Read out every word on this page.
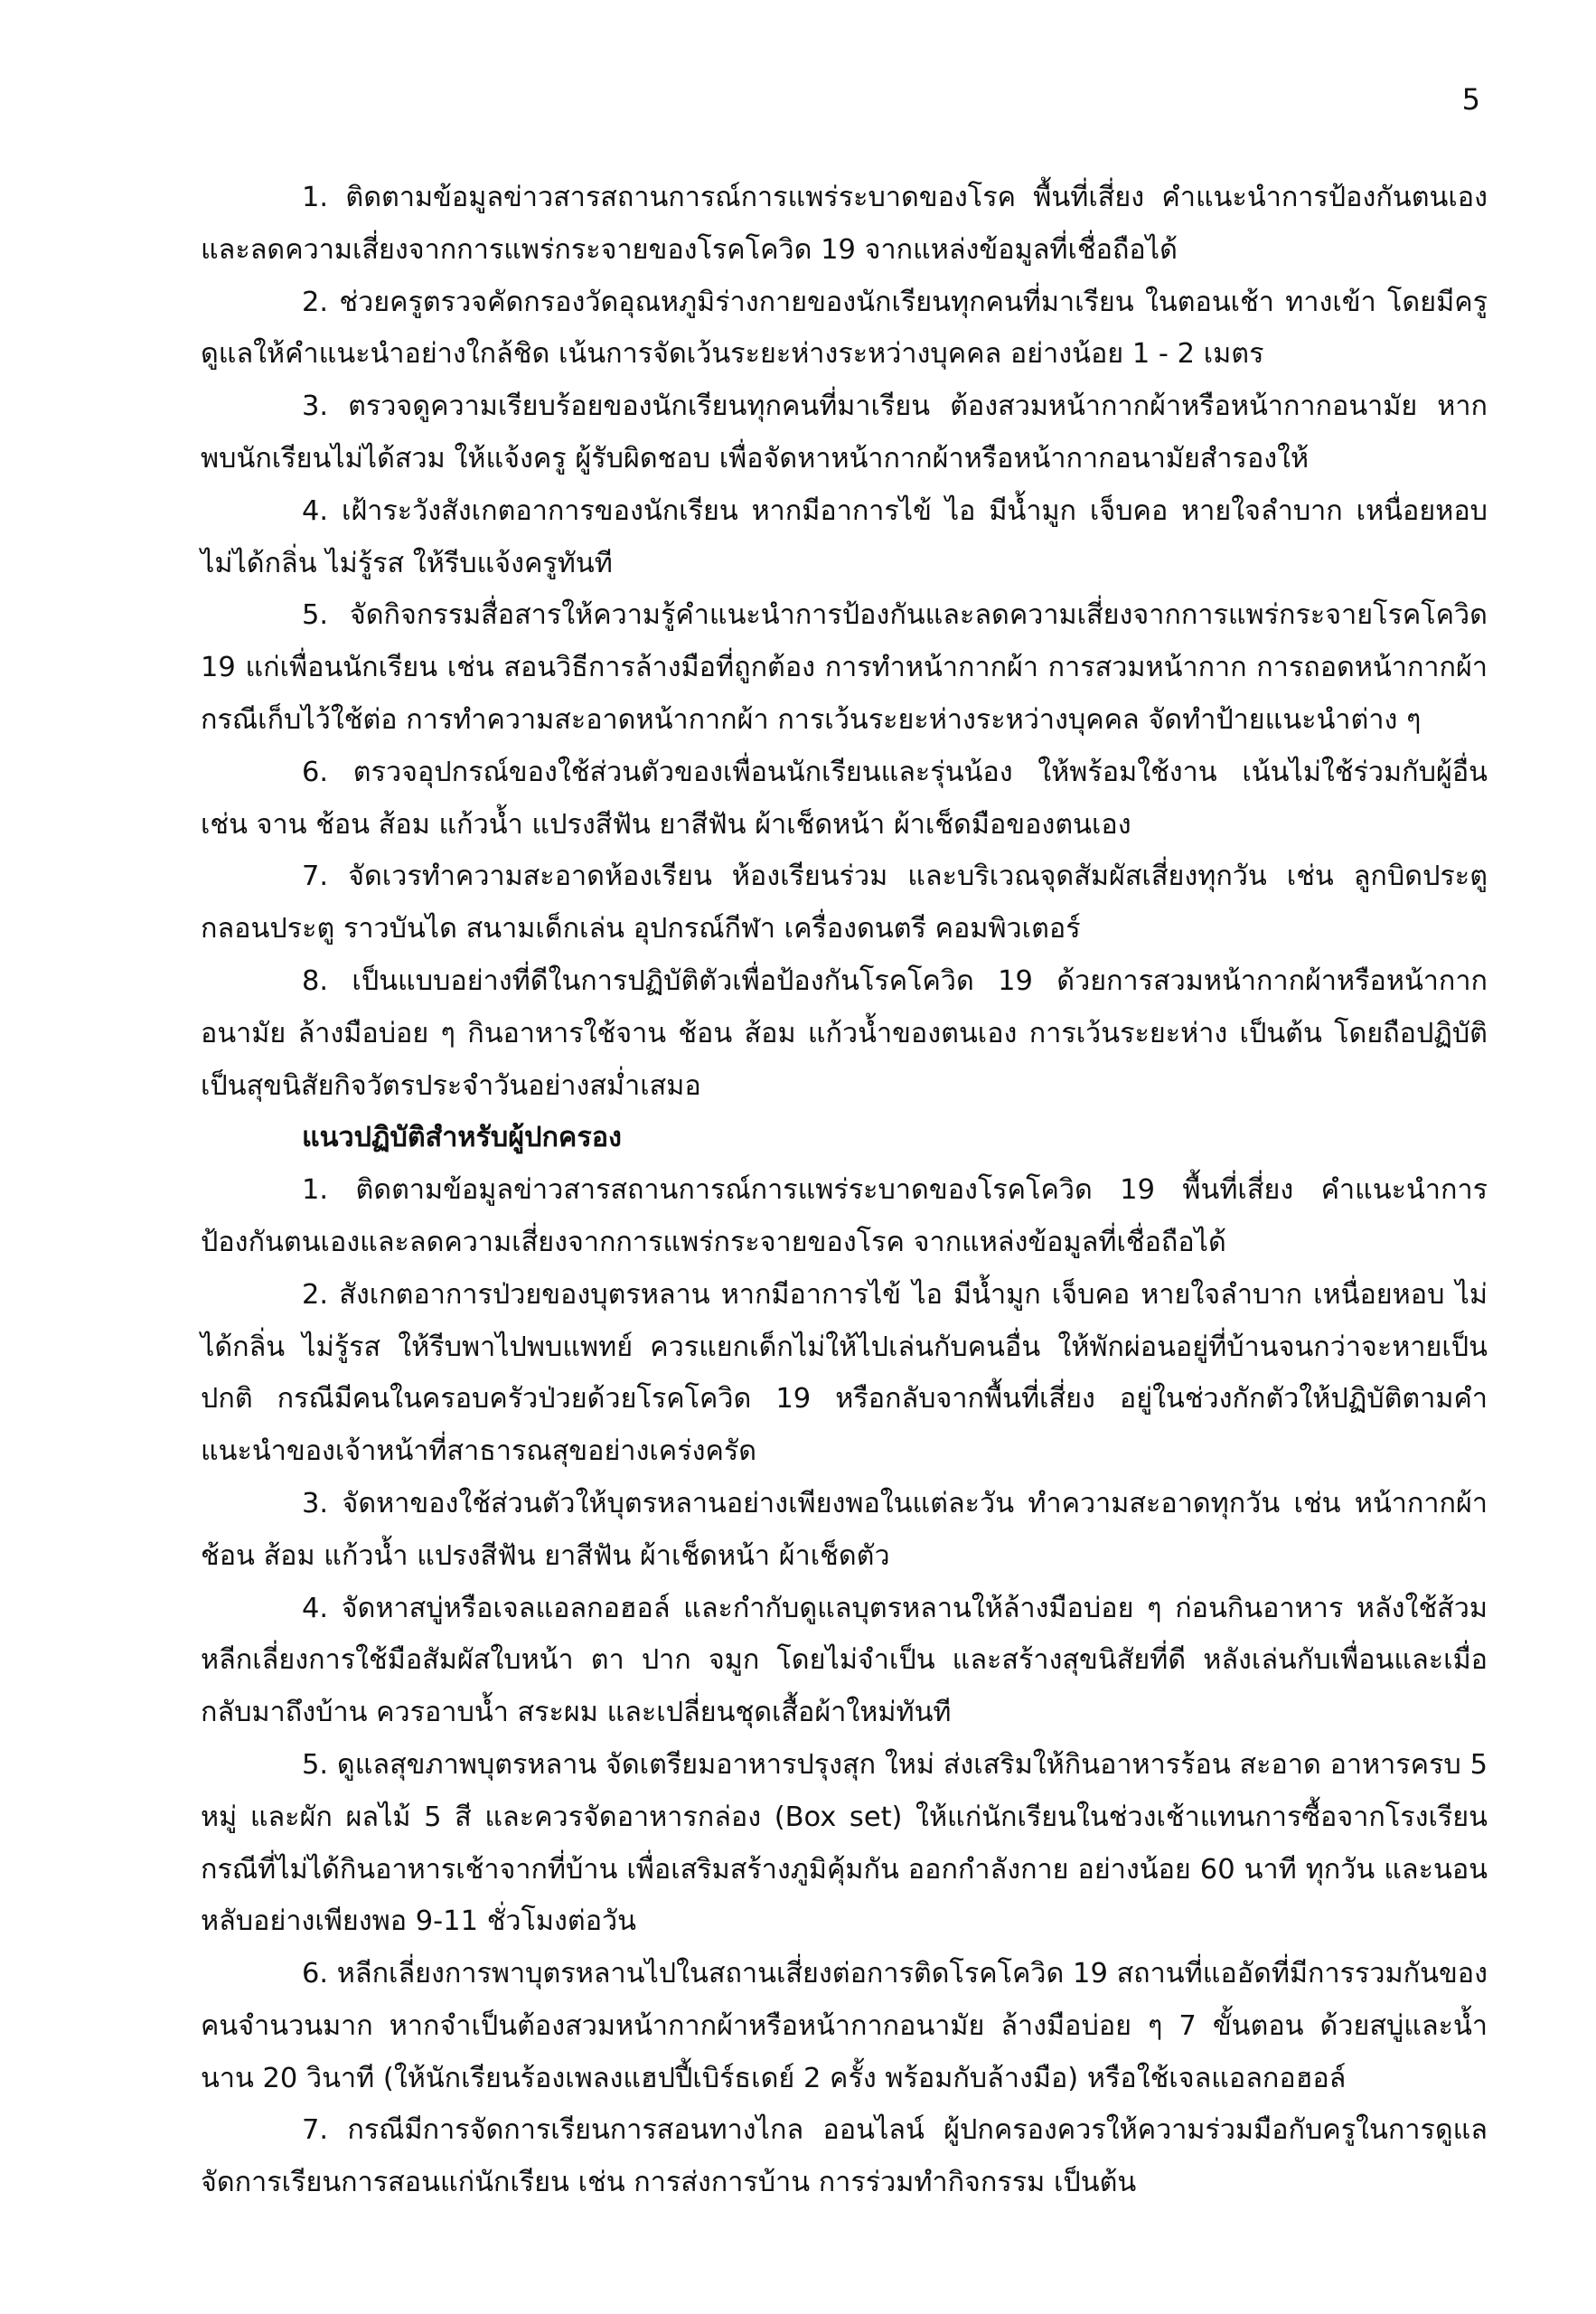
5

1. ติดตามข้อมูลข่าวสารสถานการณ์การแพร่ระบาดของโรค พื้นที่เสี่ยง คำแนะนำการป้องกันตนเอง และลดความเสี่ยงจากการแพร่กระจายของโรคโควิด 19 จากแหล่งข้อมูลที่เชื่อถือได้

2. ช่วยครูตรวจคัดกรองวัดอุณหภูมิร่างกายของนักเรียนทุกคนที่มาเรียน ในตอนเช้า ทางเข้า โดยมีครูดูแลให้คำแนะนำอย่างใกล้ชิด เน้นการจัดเว้นระยะห่างระหว่างบุคคล อย่างน้อย 1 - 2 เมตร

3. ตรวจดูความเรียบร้อยของนักเรียนทุกคนที่มาเรียน ต้องสวมหน้ากากผ้าหรือหน้ากากอนามัย หากพบนักเรียนไม่ได้สวม ให้แจ้งครู ผู้รับผิดชอบ เพื่อจัดหาหน้ากากผ้าหรือหน้ากากอนามัยสำรองให้

4. เฝ้าระวังสังเกตอาการของนักเรียน หากมีอาการไข้ ไอ มีน้ำมูก เจ็บคอ หายใจลำบาก เหนื่อยหอบ ไม่ได้กลิ่น ไม่รู้รส ให้รีบแจ้งครูทันที

5. จัดกิจกรรมสื่อสารให้ความรู้คำแนะนำการป้องกันและลดความเสี่ยงจากการแพร่กระจายโรคโควิด 19 แก่เพื่อนนักเรียน เช่น สอนวิธีการล้างมือที่ถูกต้อง การทำหน้ากากผ้า การสวมหน้ากาก การถอดหน้ากากผ้า กรณีเก็บไว้ใช้ต่อ การทำความสะอาดหน้ากากผ้า การเว้นระยะห่างระหว่างบุคคล จัดทำป้ายแนะนำต่าง ๆ

6. ตรวจอุปกรณ์ของใช้ส่วนตัวของเพื่อนนักเรียนและรุ่นน้อง ให้พร้อมใช้งาน เน้นไม่ใช้ร่วมกับผู้อื่น เช่น จาน ช้อน ส้อม แก้วน้ำ แปรงสีฟัน ยาสีฟัน ผ้าเช็ดหน้า ผ้าเช็ดมือของตนเอง

7. จัดเวรทำความสะอาดห้องเรียน ห้องเรียนร่วม และบริเวณจุดสัมผัสเสี่ยงทุกวัน เช่น ลูกบิดประตู กลอนประตู ราวบันได สนามเด็กเล่น อุปกรณ์กีฬา เครื่องดนตรี คอมพิวเตอร์

8. เป็นแบบอย่างที่ดีในการปฏิบัติตัวเพื่อป้องกันโรคโควิด 19 ด้วยการสวมหน้ากากผ้าหรือหน้ากากอนามัย ล้างมือบ่อย ๆ กินอาหารใช้จาน ช้อน ส้อม แก้วน้ำของตนเอง การเว้นระยะห่าง เป็นต้น โดยถือปฏิบัติเป็นสุขนิสัยกิจวัตรประจำวันอย่างสม่ำเสมอ

แนวปฏิบัติสำหรับผู้ปกครอง

1. ติดตามข้อมูลข่าวสารสถานการณ์การแพร่ระบาดของโรคโควิด 19 พื้นที่เสี่ยง คำแนะนำการป้องกันตนเองและลดความเสี่ยงจากการแพร่กระจายของโรค จากแหล่งข้อมูลที่เชื่อถือได้

2. สังเกตอาการป่วยของบุตรหลาน หากมีอาการไข้ ไอ มีน้ำมูก เจ็บคอ หายใจลำบาก เหนื่อยหอบ ไม่ได้กลิ่น ไม่รู้รส ให้รีบพาไปพบแพทย์ ควรแยกเด็กไม่ให้ไปเล่นกับคนอื่น ให้พักผ่อนอยู่ที่บ้านจนกว่าจะหายเป็นปกติ กรณีมีคนในครอบครัวป่วยด้วยโรคโควิด 19 หรือกลับจากพื้นที่เสี่ยง อยู่ในช่วงกักตัวให้ปฏิบัติตามคำแนะนำของเจ้าหน้าที่สาธารณสุขอย่างเคร่งครัด

3. จัดหาของใช้ส่วนตัวให้บุตรหลานอย่างเพียงพอในแต่ละวัน ทำความสะอาดทุกวัน เช่น หน้ากากผ้า ช้อน ส้อม แก้วน้ำ แปรงสีฟัน ยาสีฟัน ผ้าเช็ดหน้า ผ้าเช็ดตัว

4. จัดหาสบู่หรือเจลแอลกอฮอล์ และกำกับดูแลบุตรหลานให้ล้างมือบ่อย ๆ ก่อนกินอาหาร หลังใช้ส้วม หลีกเลี่ยงการใช้มือสัมผัสใบหน้า ตา ปาก จมูก โดยไม่จำเป็น และสร้างสุขนิสัยที่ดี หลังเล่นกับเพื่อนและเมื่อกลับมาถึงบ้าน ควรอาบน้ำ สระผม และเปลี่ยนชุดเสื้อผ้าใหม่ทันที

5. ดูแลสุขภาพบุตรหลาน จัดเตรียมอาหารปรุงสุก ใหม่ ส่งเสริมให้กินอาหารร้อน สะอาด อาหารครบ 5 หมู่ และผัก ผลไม้ 5 สี และควรจัดอาหารกล่อง (Box set) ให้แก่นักเรียนในช่วงเช้าแทนการซื้อจากโรงเรียน กรณีที่ไม่ได้กินอาหารเช้าจากที่บ้าน เพื่อเสริมสร้างภูมิคุ้มกัน ออกกำลังกาย อย่างน้อย 60 นาที ทุกวัน และนอนหลับอย่างเพียงพอ 9-11 ชั่วโมงต่อวัน

6. หลีกเลี่ยงการพาบุตรหลานไปในสถานเสี่ยงต่อการติดโรคโควิด 19 สถานที่แออัดที่มีการรวมกันของคนจำนวนมาก หากจำเป็นต้องสวมหน้ากากผ้าหรือหน้ากากอนามัย ล้างมือบ่อย ๆ 7 ขั้นตอน ด้วยสบู่และน้ำ นาน 20 วินาที (ให้นักเรียนร้องเพลงแฮปปี้เบิร์ธเดย์ 2 ครั้ง พร้อมกับล้างมือ) หรือใช้เจลแอลกอฮอล์

7. กรณีมีการจัดการเรียนการสอนทางไกล ออนไลน์ ผู้ปกครองควรให้ความร่วมมือกับครูในการดูแลจัดการเรียนการสอนแก่นักเรียน เช่น การส่งการบ้าน การร่วมทำกิจกรรม เป็นต้น
